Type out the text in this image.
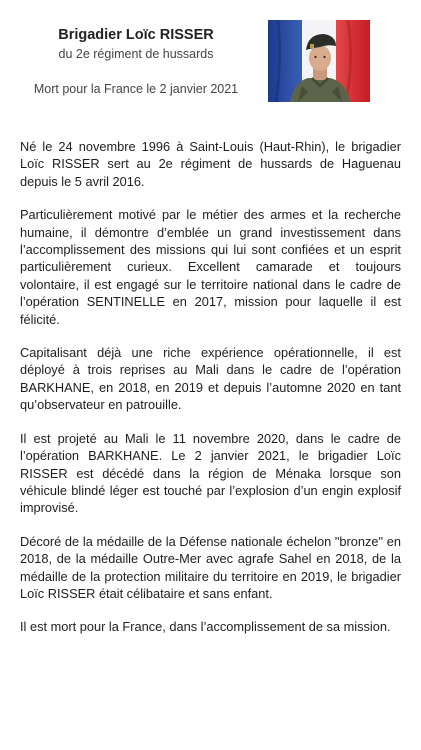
Brigadier Loïc RISSER
du 2e régiment de hussards
Mort pour la France le 2 janvier 2021

Né le 24 novembre 1996 à Saint-Louis (Haut-Rhin), le brigadier Loïc RISSER sert au 2e régiment de hussards de Haguenau depuis le 5 avril 2016.

Particulièrement motivé par le métier des armes et la recherche humaine, il démontre d’emblée un grand investissement dans l’accomplissement des missions qui lui sont confiées et un esprit particulièrement curieux. Excellent camarade et toujours volontaire, il est engagé sur le territoire national dans le cadre de l’opération SENTINELLE en 2017, mission pour laquelle il est félicité.

Capitalisant déjà une riche expérience opérationnelle, il est déployé à trois reprises au Mali dans le cadre de l’opération BARKHANE, en 2018, en 2019 et depuis l’automne 2020 en tant qu’observateur en patrouille.

Il est projeté au Mali le 11 novembre 2020, dans le cadre de l’opération BARKHANE. Le 2 janvier 2021, le brigadier Loïc RISSER est décédé dans la région de Ménaka lorsque son véhicule blindé léger est touché par l’explosion d’un engin explosif improvisé.

Décoré de la médaille de la Défense nationale échelon "bronze" en 2018, de la médaille Outre-Mer avec agrafe Sahel en 2018, de la médaille de la protection militaire du territoire en 2019, le brigadier Loïc RISSER était célibataire et sans enfant.

Il est mort pour la France, dans l’accomplissement de sa mission.
